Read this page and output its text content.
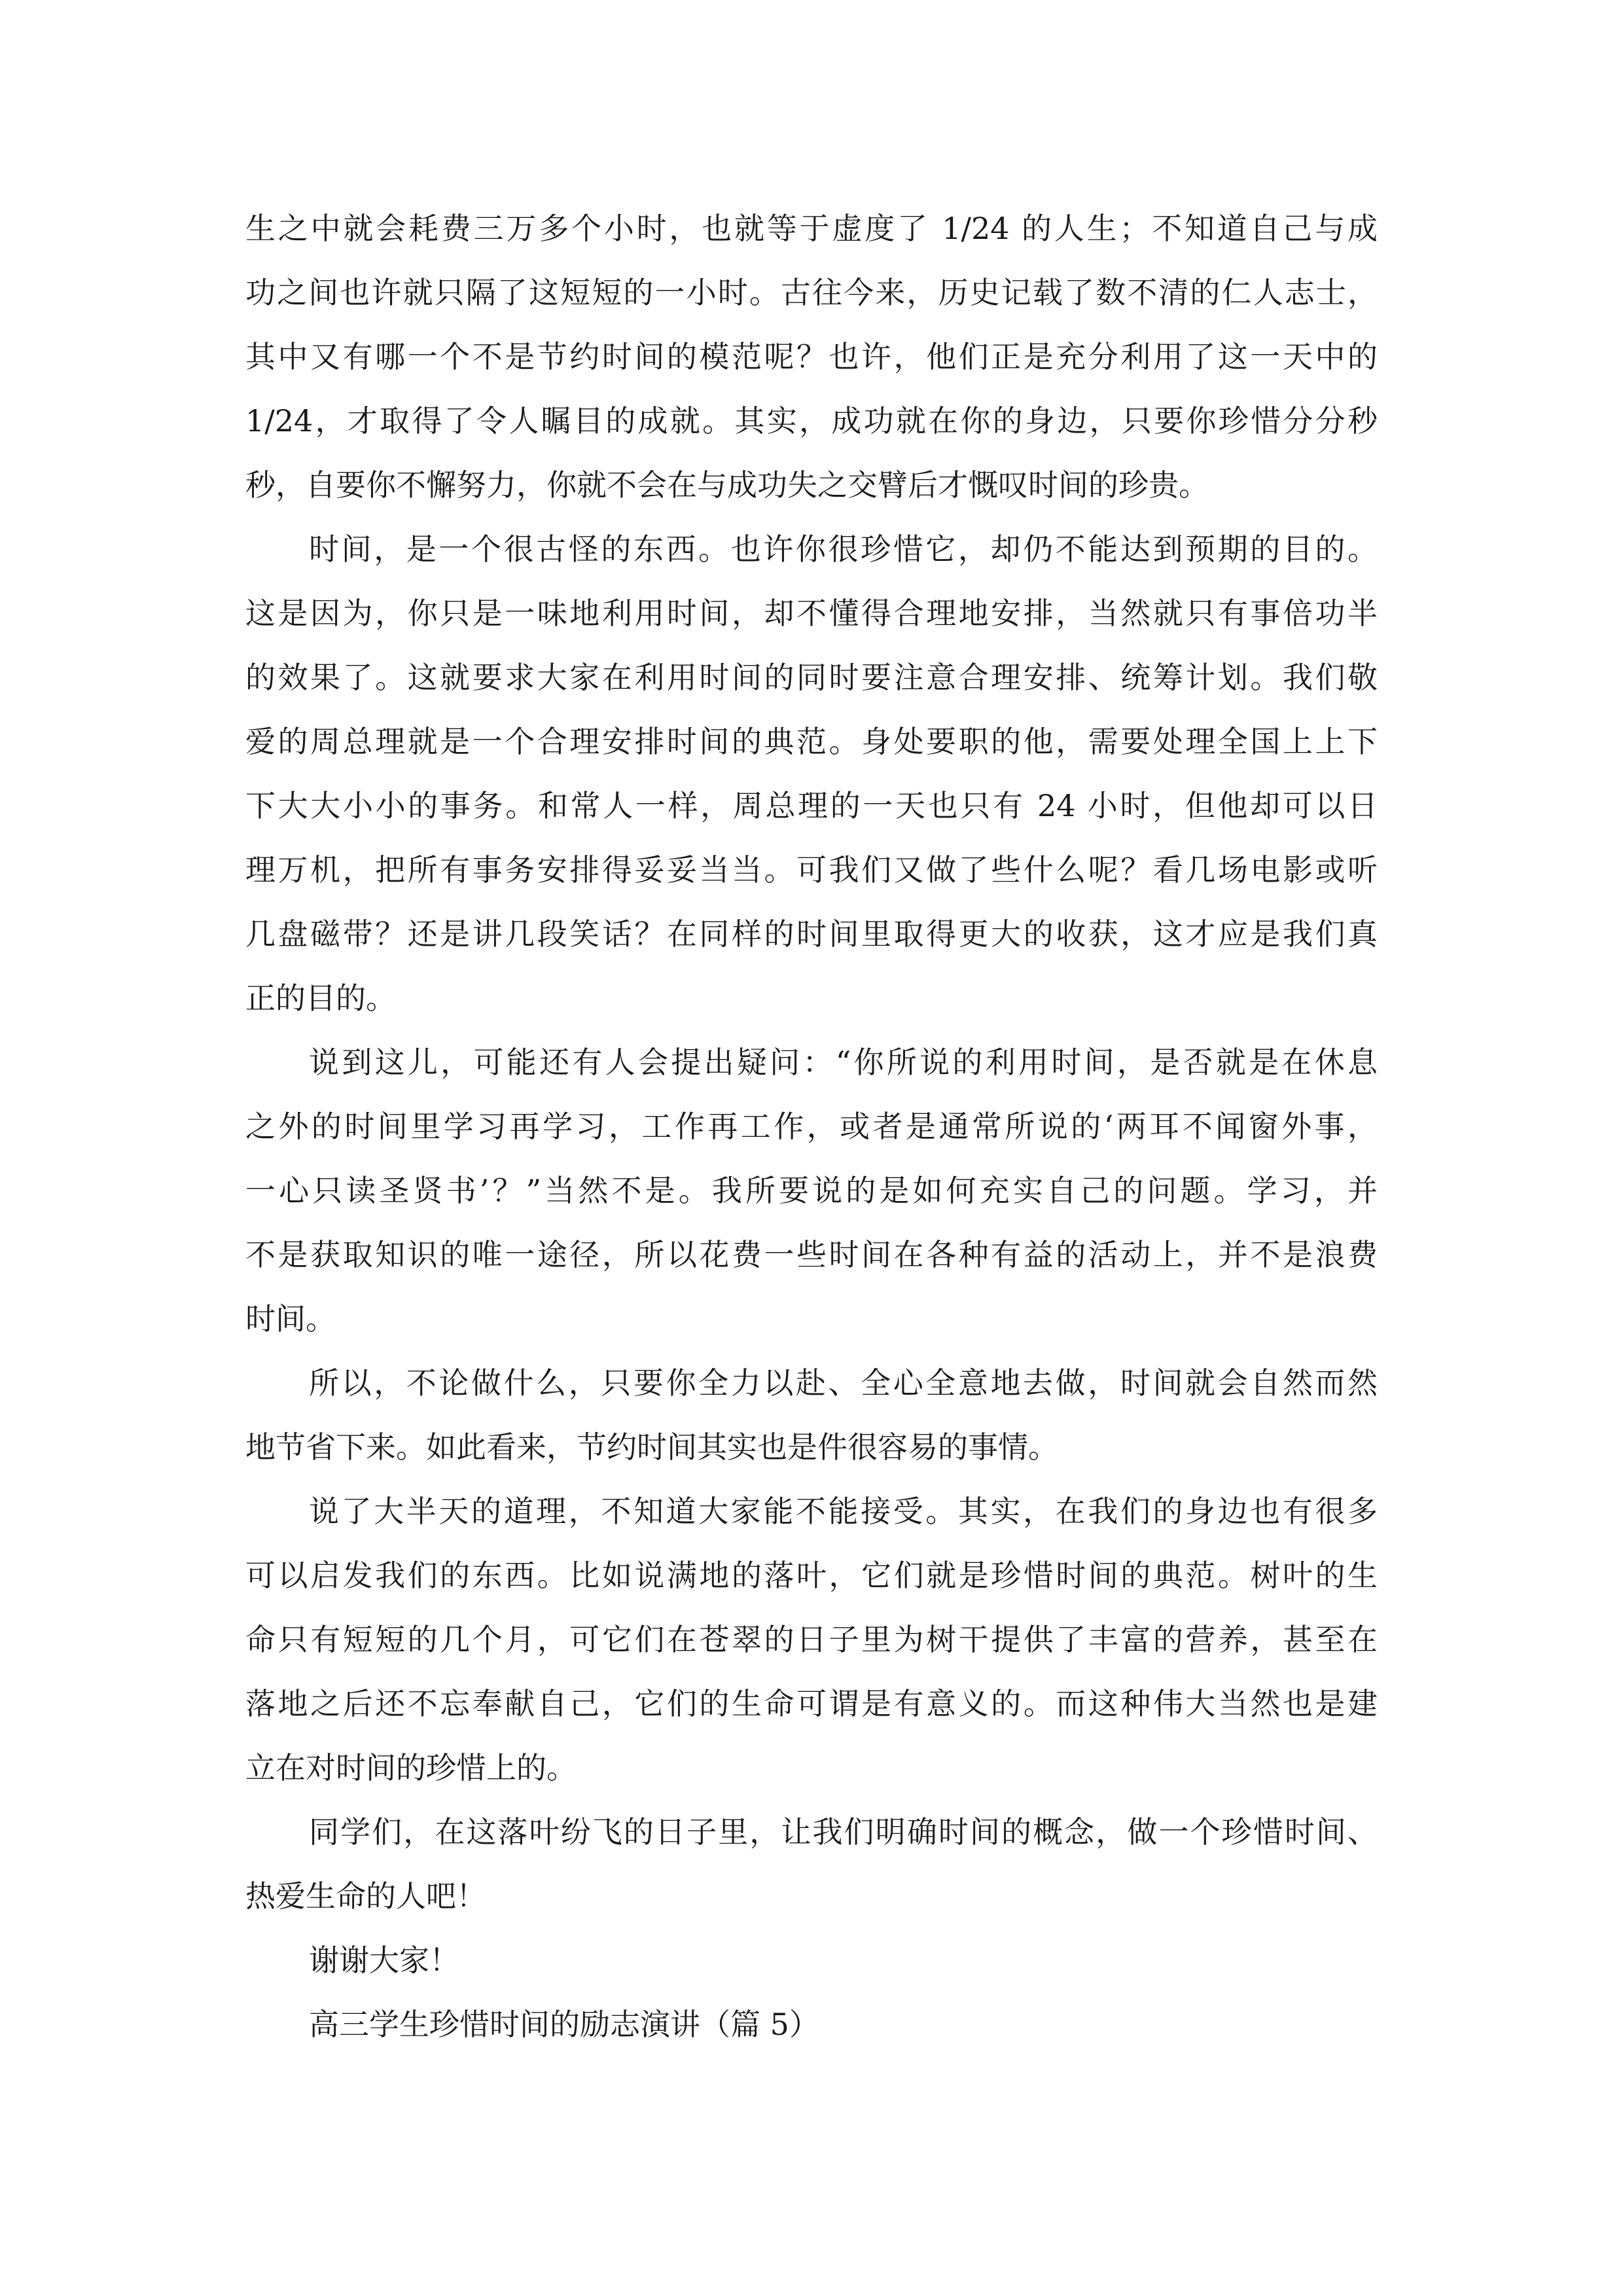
生之中就会耗费三万多个小时，也就等于虚度了 1/24 的人生；不知道自己与成
功之间也许就只隔了这短短的一小时。古往今来，历史记载了数不清的仁人志士，
其中又有哪一个不是节约时间的模范呢？也许，他们正是充分利用了这一天中的
1/24，才取得了令人瞩目的成就。其实，成功就在你的身边，只要你珍惜分分秒
秒，自要你不懈努力，你就不会在与成功失之交臂后才慨叹时间的珍贵。
时间，是一个很古怪的东西。也许你很珍惜它，却仍不能达到预期的目的。
这是因为，你只是一味地利用时间，却不懂得合理地安排，当然就只有事倍功半
的效果了。这就要求大家在利用时间的同时要注意合理安排、统筹计划。我们敬
爱的周总理就是一个合理安排时间的典范。身处要职的他，需要处理全国上上下
下大大小小的事务。和常人一样，周总理的一天也只有 24 小时，但他却可以日
理万机，把所有事务安排得妥妥当当。可我们又做了些什么呢？看几场电影或听
几盘磁带？还是讲几段笑话？在同样的时间里取得更大的收获，这才应是我们真
正的目的。
说到这儿，可能还有人会提出疑问：“你所说的利用时间，是否就是在休息
之外的时间里学习再学习，工作再工作，或者是通常所说的‘两耳不闻窗外事，
一心只读圣贤书’？”当然不是。我所要说的是如何充实自己的问题。学习，并
不是获取知识的唯一途径，所以花费一些时间在各种有益的活动上，并不是浪费
时间。
所以，不论做什么，只要你全力以赴、全心全意地去做，时间就会自然而然
地节省下来。如此看来，节约时间其实也是件很容易的事情。
说了大半天的道理，不知道大家能不能接受。其实，在我们的身边也有很多
可以启发我们的东西。比如说满地的落叶，它们就是珍惜时间的典范。树叶的生
命只有短短的几个月，可它们在苍翠的日子里为树干提供了丰富的营养，甚至在
落地之后还不忘奉献自己，它们的生命可谓是有意义的。而这种伟大当然也是建
立在对时间的珍惜上的。
同学们，在这落叶纷飞的日子里，让我们明确时间的概念，做一个珍惜时间、
热爱生命的人吧！
谢谢大家！
高三学生珍惜时间的励志演讲（篇 5）
